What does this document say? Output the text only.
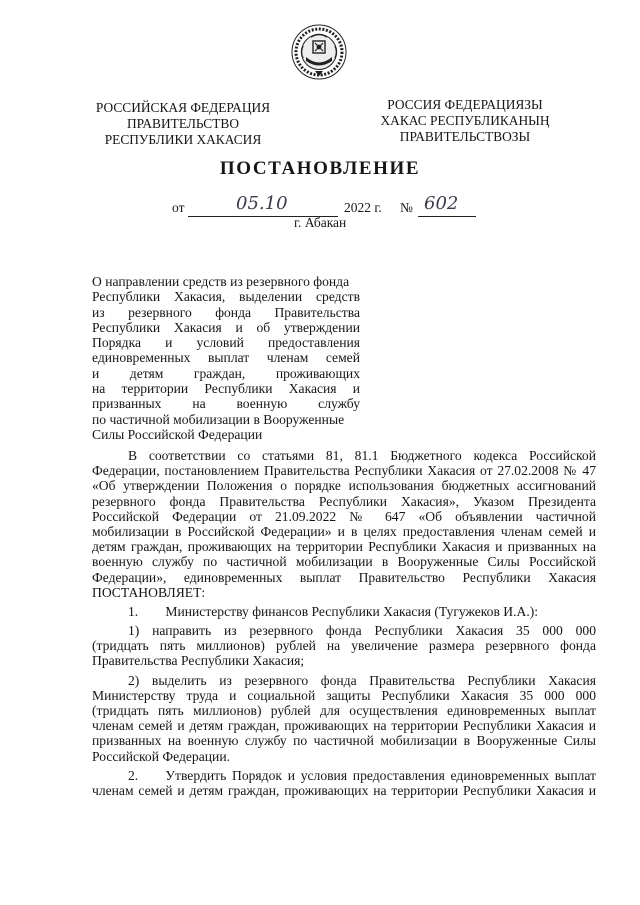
РОССИЙСКАЯ ФЕДЕРАЦИЯ
ПРАВИТЕЛЬСТВО
РЕСПУБЛИКИ ХАКАСИЯ
РОССИЯ ФЕДЕРАЦИЯЗЫ
ХАКАС РЕСПУБЛИКАНЫҢ
ПРАВИТЕЛЬСТВОЗЫ
ПОСТАНОВЛЕНИЕ
от	05.10	2022 г. № 602
г. Абакан
О направлении средств из резервного фонда
Республики Хакасия, выделении средств
из резервного фонда Правительства
Республики Хакасия и об утверждении
Порядка и условий предоставления
единовременных выплат членам семей
и детям граждан, проживающих
на территории Республики Хакасия и
призванных на военную службу
по частичной мобилизации в Вооруженные
Силы Российской Федерации
В соответствии со статьями 81, 81.1 Бюджетного кодекса Российской
Федерации, постановлением Правительства Республики Хакасия от 27.02.2008 № 47
«Об утверждении Положения о порядке использования бюджетных ассигнований
резервного фонда Правительства Республики Хакасия», Указом Президента
Российской Федерации от 21.09.2022 № 647 «Об объявлении частичной
мобилизации в Российской Федерации» и в целях предоставления членам семей и
детям граждан, проживающих на территории Республики Хакасия и призванных на
военную службу по частичной мобилизации в Вооруженные Силы Российской
Федерации», единовременных выплат Правительство Республики Хакасия
ПОСТАНОВЛЯЕТ:
1.  Министерству финансов Республики Хакасия (Тугужеков И.А.):
1) направить из резервного фонда Республики Хакасия 35 000 000
(тридцать пять миллионов) рублей на увеличение размера резервного фонда
Правительства Республики Хакасия;
2) выделить из резервного фонда Правительства Республики Хакасия
Министерству труда и социальной защиты Республики Хакасия 35 000 000
(тридцать пять миллионов) рублей для осуществления единовременных выплат
членам семей и детям граждан, проживающих на территории Республики Хакасия и
призванных на военную службу по частичной мобилизации в Вооруженные Силы
Российской Федерации.
2.  Утвердить Порядок и условия предоставления единовременных выплат
членам семей и детям граждан, проживающих на территории Республики Хакасия и
